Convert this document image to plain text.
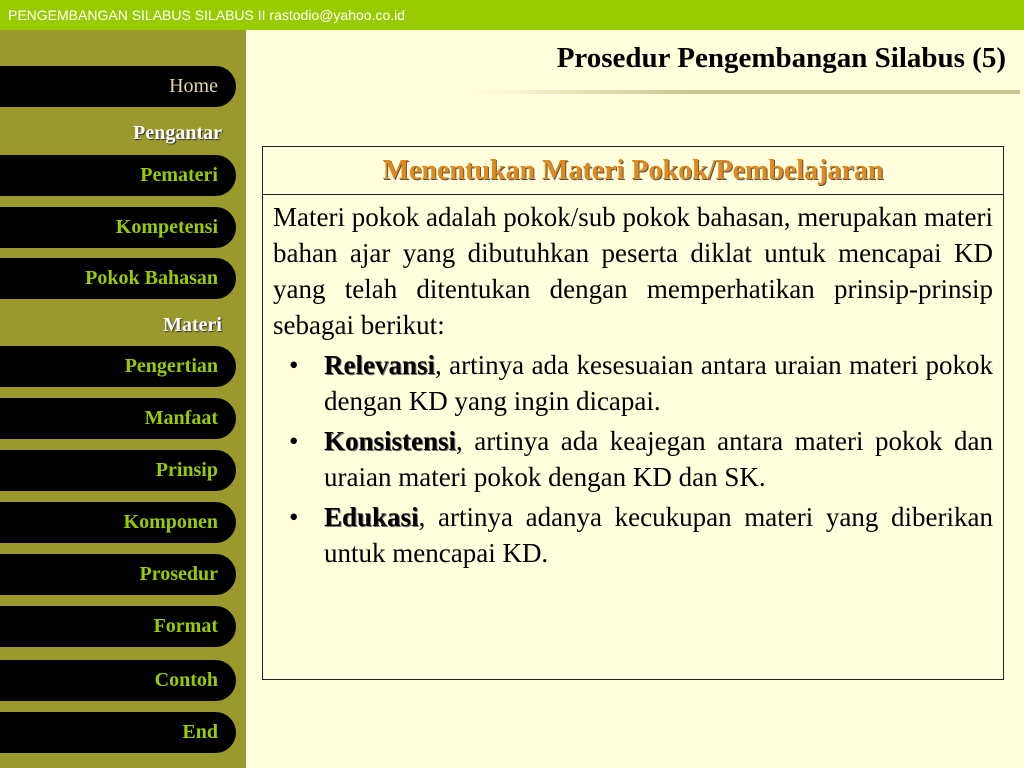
PENGEMBANGAN SILABUS SILABUS II rastodio@yahoo.co.id
Home
Pengantar
Pemateri
Kompetensi
Pokok Bahasan
Materi
Pengertian
Manfaat
Prinsip
Komponen
Prosedur
Format
Contoh
End
Prosedur Pengembangan Silabus (5)
Menentukan Materi Pokok/Pembelajaran

Materi pokok adalah pokok/sub pokok bahasan, merupakan materi bahan ajar yang dibutuhkan peserta diklat untuk mencapai KD yang telah ditentukan dengan memperhatikan prinsip-prinsip sebagai berikut:

• Relevansi, artinya ada kesesuaian antara uraian materi pokok dengan KD yang ingin dicapai.
• Konsistensi, artinya ada keajegan antara materi pokok dan uraian materi pokok dengan KD dan SK.
• Edukasi, artinya adanya kecukupan materi yang diberikan untuk mencapai KD.
